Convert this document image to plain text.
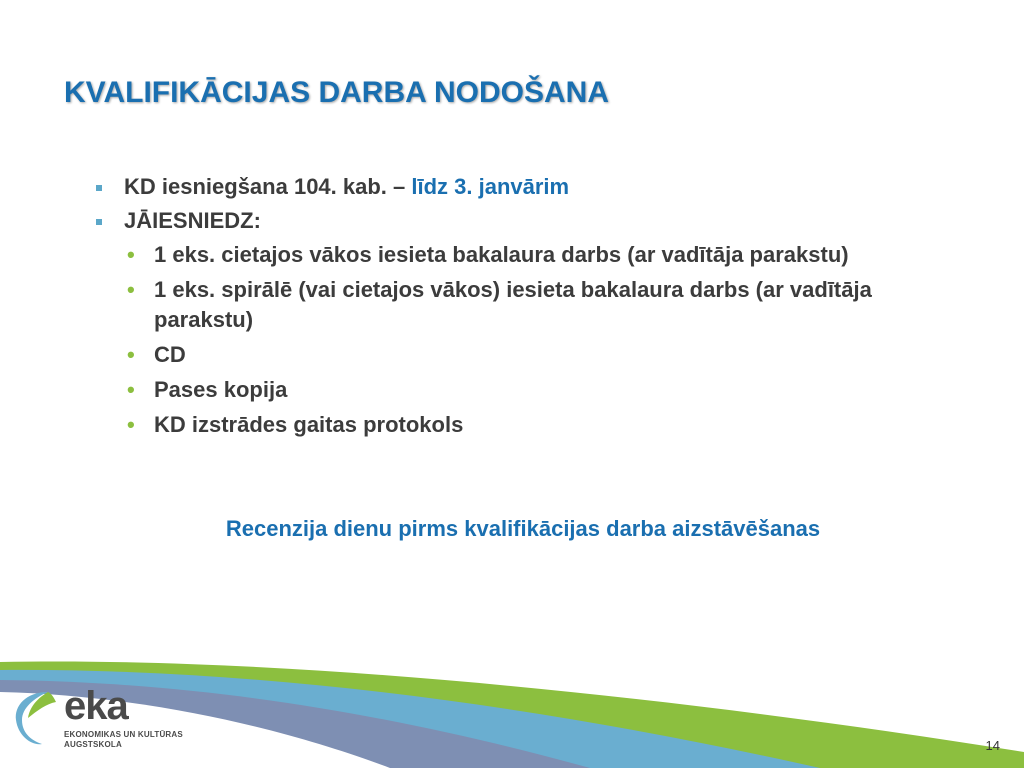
KVALIFIKĀCIJAS DARBA NODOŠANA
KD iesniegšana 104. kab. – līdz 3. janvārim
JĀIESNIEDZ:
• 1 eks. cietajos vākos iesieta bakalaura darbs (ar vadītāja parakstu)
• 1 eks. spirālē (vai cietajos vākos) iesieta bakalaura darbs (ar vadītāja parakstu)
• CD
• Pases kopija
• KD izstrādes gaitas protokols
Recenzija dienu pirms kvalifikācijas darba aizstāvēšanas
eka
EKONOMIKAS UN KULTŪRAS
AUGSTSKOLA	14
